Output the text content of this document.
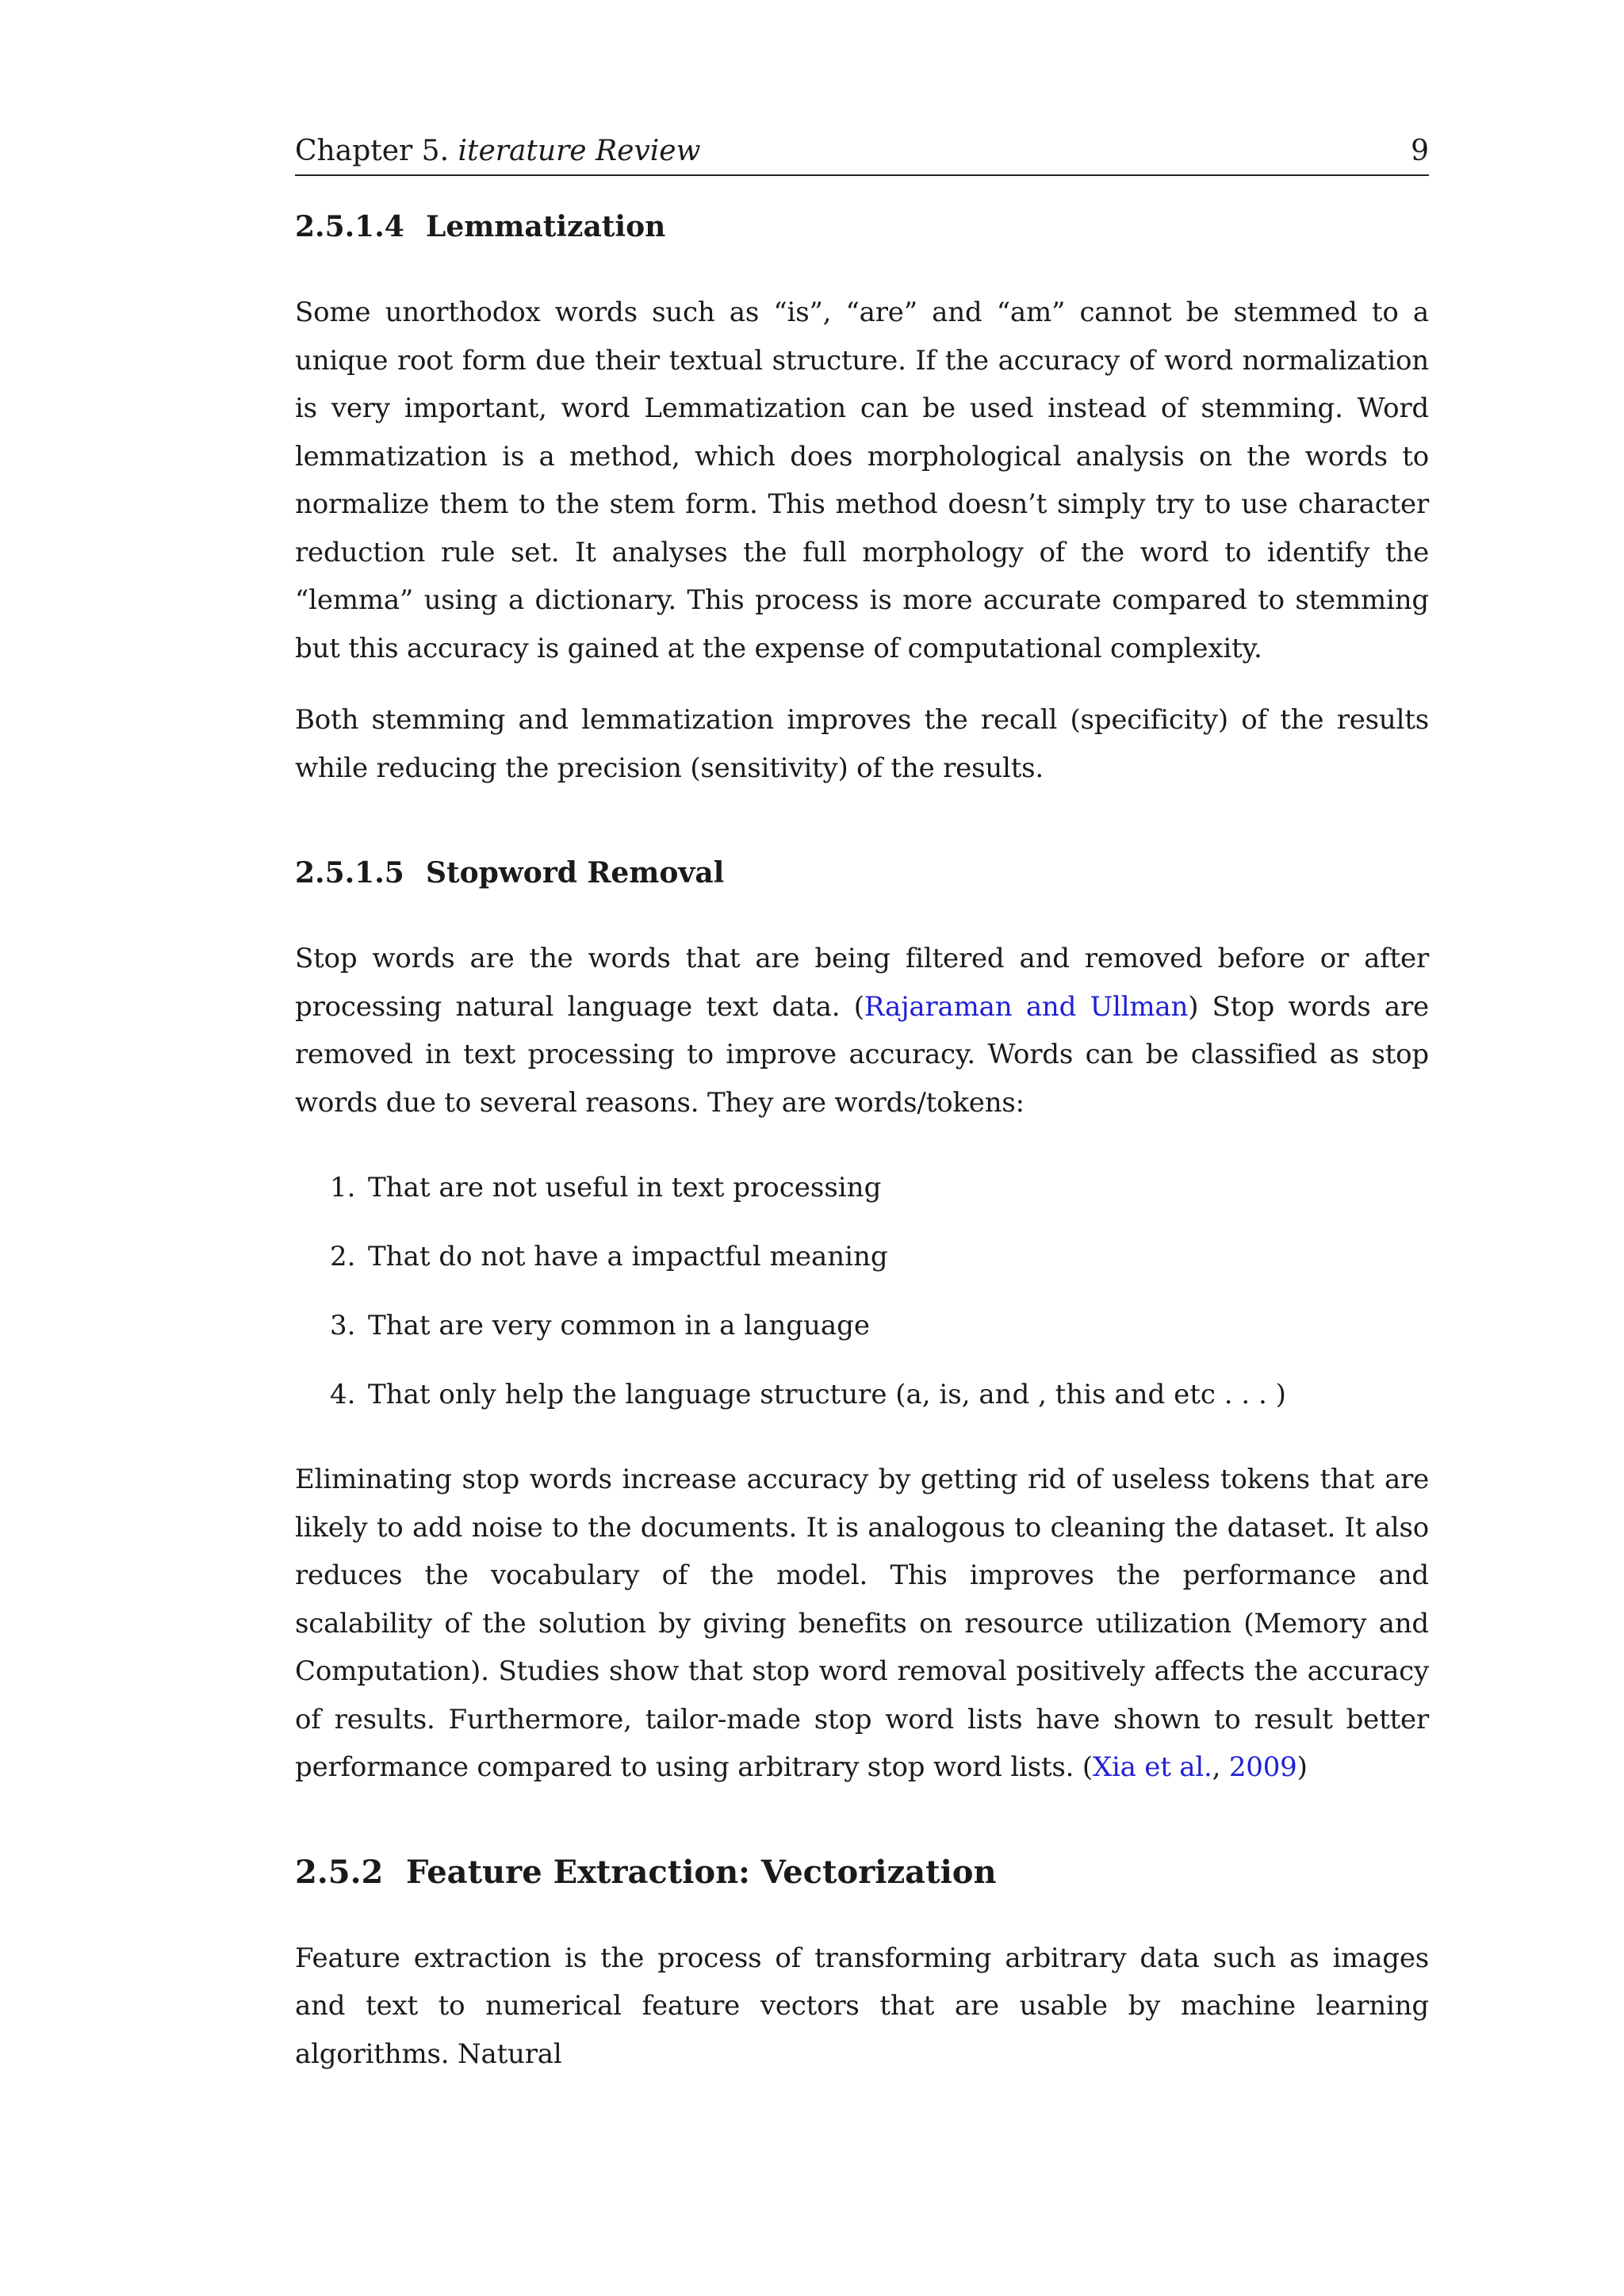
Chapter 5. iterature Review	9
2.5.1.4 Lemmatization

Some unorthodox words such as “is”, “are” and “am” cannot be stemmed to a unique root form due their textual structure. If the accuracy of word normalization is very important, word Lemmatization can be used instead of stemming. Word lemmatization is a method, which does morphological analysis on the words to normalize them to the stem form. This method doesn’t simply try to use character reduction rule set. It analyses the full morphology of the word to identify the “lemma” using a dictionary. This process is more accurate compared to stemming but this accuracy is gained at the expense of computational complexity.

Both stemming and lemmatization improves the recall (specificity) of the results while reducing the precision (sensitivity) of the results.

2.5.1.5 Stopword Removal

Stop words are the words that are being filtered and removed before or after processing natural language text data. (Rajaraman and Ullman) Stop words are removed in text processing to improve accuracy. Words can be classified as stop words due to several reasons. They are words/tokens:

1. That are not useful in text processing
2. That do not have a impactful meaning
3. That are very common in a language
4. That only help the language structure (a, is, and , this and etc . . . )

Eliminating stop words increase accuracy by getting rid of useless tokens that are likely to add noise to the documents. It is analogous to cleaning the dataset. It also reduces the vocabulary of the model. This improves the performance and scalability of the solution by giving benefits on resource utilization (Memory and Computation). Studies show that stop word removal positively affects the accuracy of results. Furthermore, tailor-made stop word lists have shown to result better performance compared to using arbitrary stop word lists. (Xia et al., 2009)

2.5.2 Feature Extraction: Vectorization

Feature extraction is the process of transforming arbitrary data such as images and text to numerical feature vectors that are usable by machine learning algorithms. Natural
